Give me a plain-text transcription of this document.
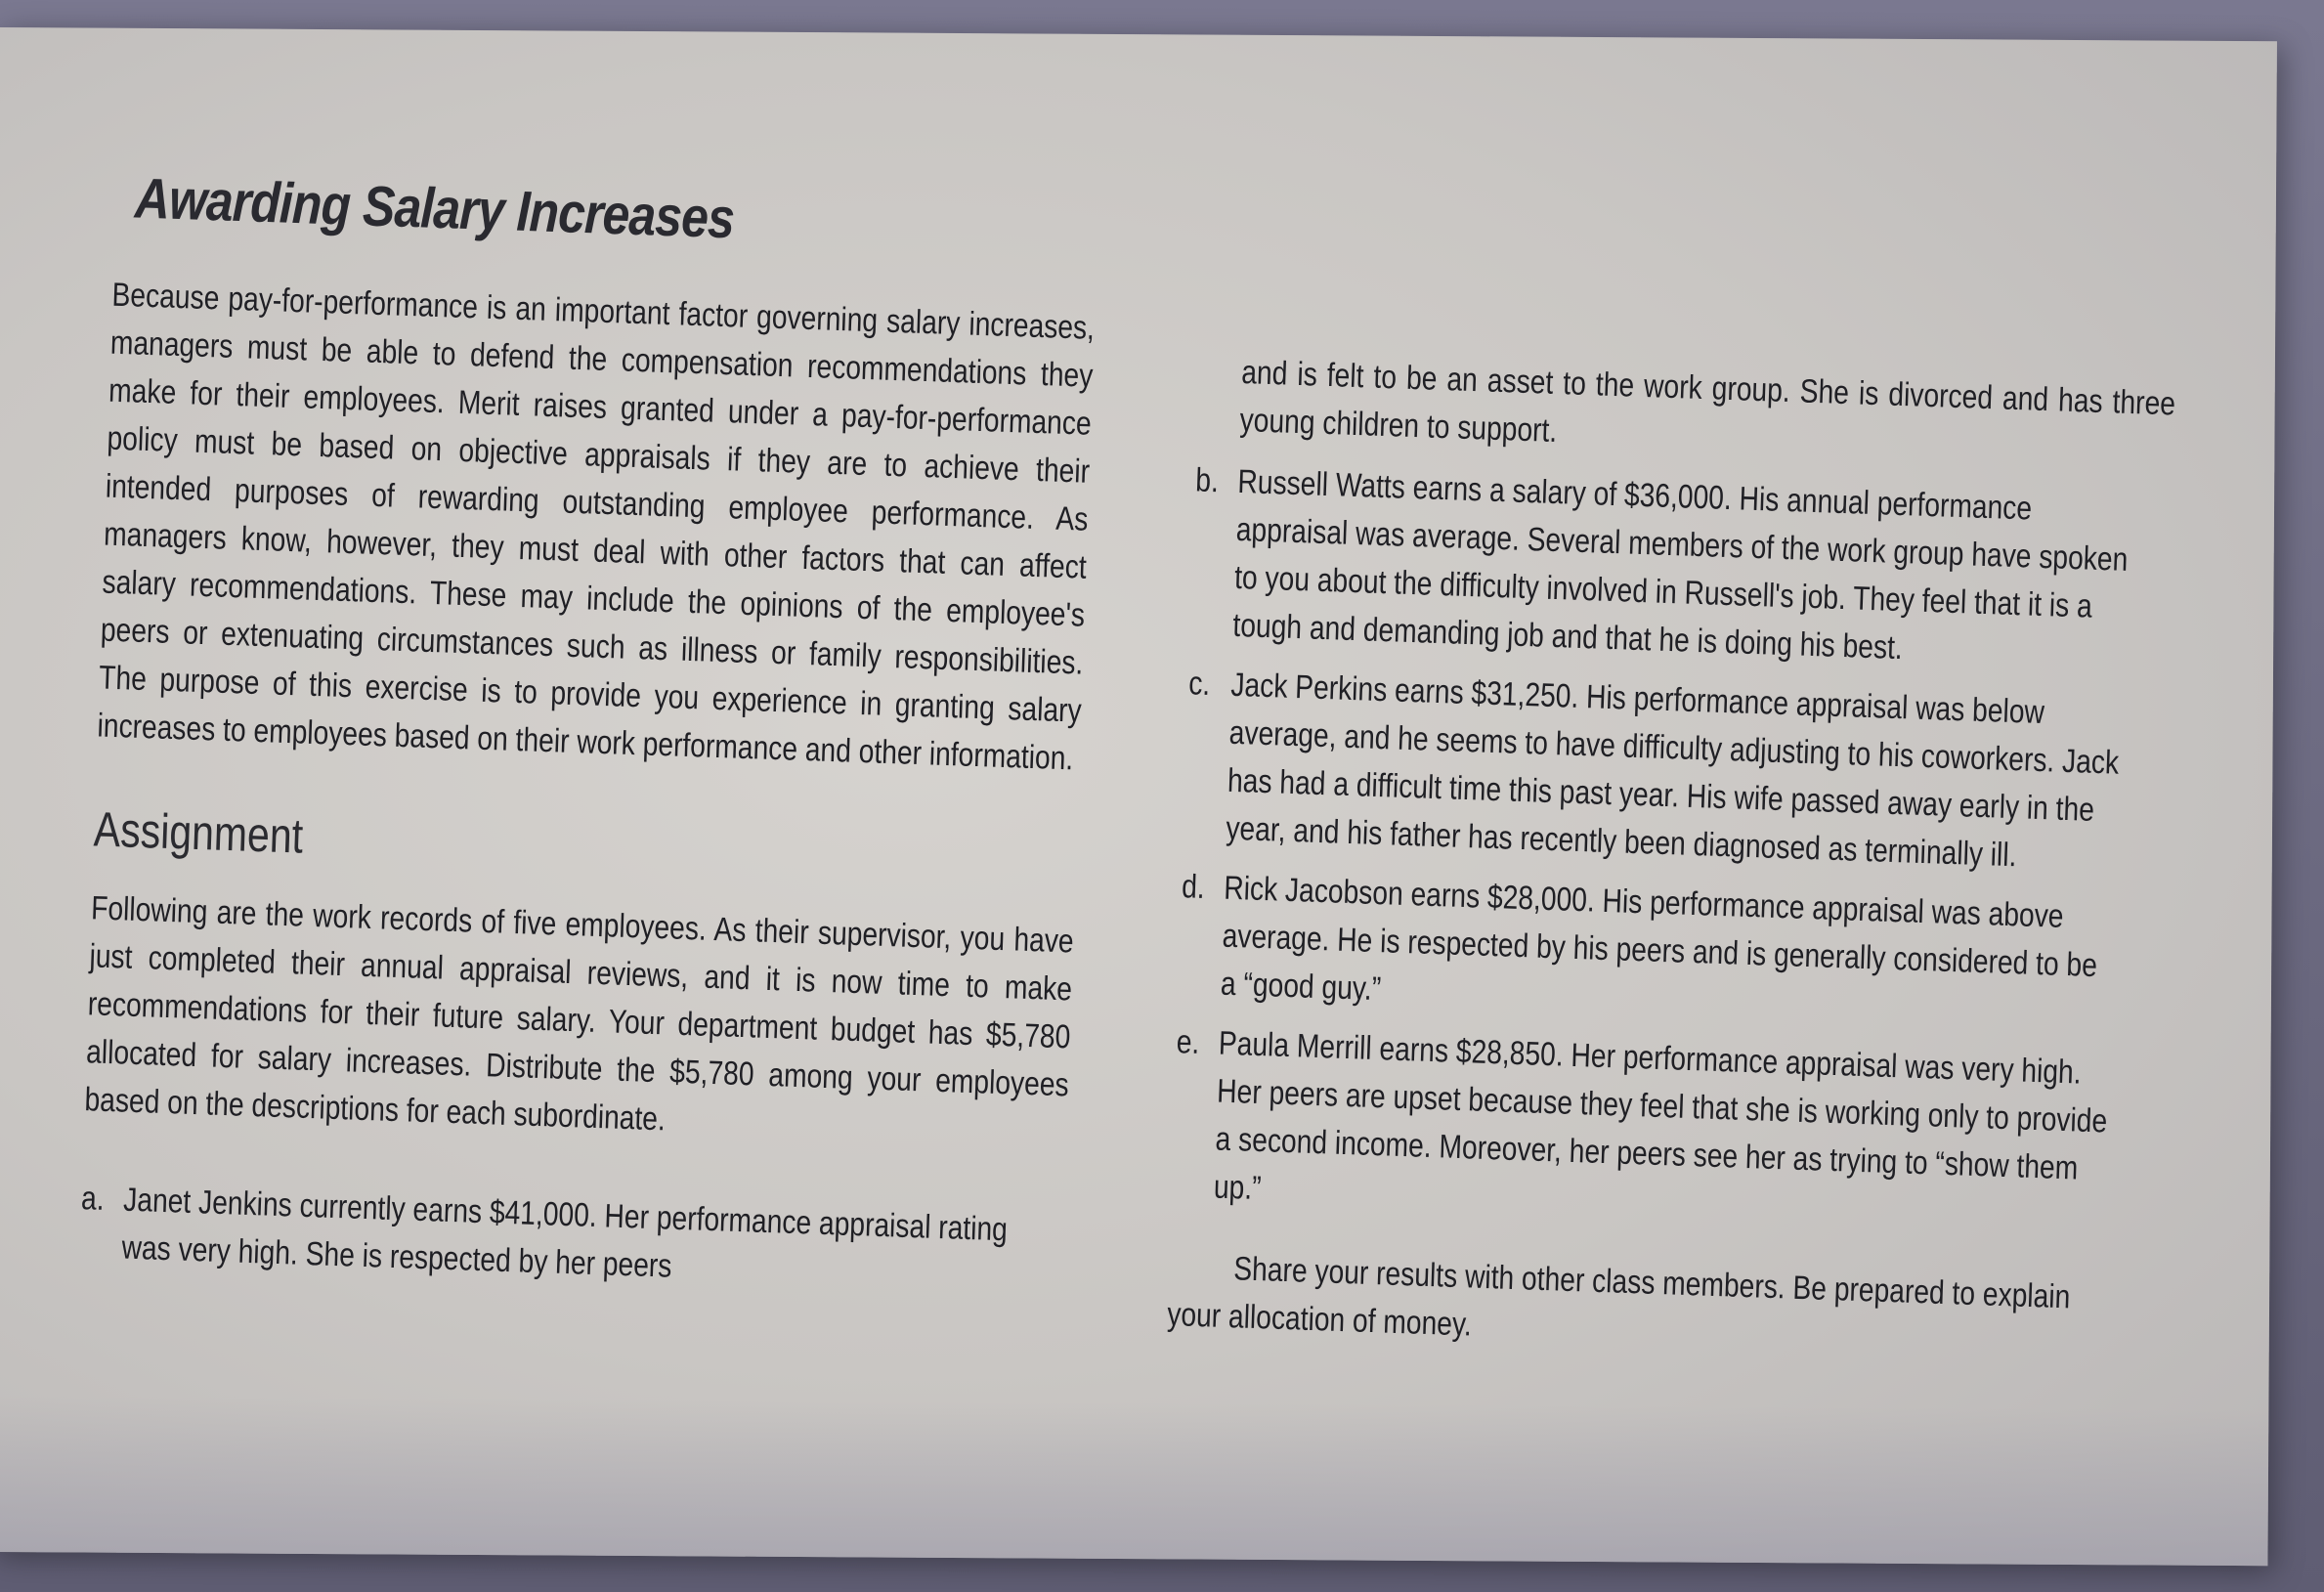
Awarding Salary Increases

Because pay-for-performance is an important factor governing salary increases, managers must be able to defend the compensation recommendations they make for their employees. Merit raises granted under a pay-for-performance policy must be based on objective appraisals if they are to achieve their intended purposes of rewarding outstanding employee performance. As managers know, however, they must deal with other factors that can affect salary recommendations. These may include the opinions of the employee's peers or extenuating circumstances such as illness or family responsibilities. The purpose of this exercise is to provide you experience in granting salary increases to employees based on their work performance and other information.

Assignment

Following are the work records of five employees. As their supervisor, you have just completed their annual appraisal reviews, and it is now time to make recommendations for their future salary. Your department budget has $5,780 allocated for salary increases. Distribute the $5,780 among your employees based on the descriptions for each subordinate.

a. Janet Jenkins currently earns $41,000. Her performance appraisal rating was very high. She is respected by her peers

and is felt to be an asset to the work group. She is divorced and has three young children to support.

b. Russell Watts earns a salary of $36,000. His annual performance appraisal was average. Several members of the work group have spoken to you about the difficulty involved in Russell's job. They feel that it is a tough and demanding job and that he is doing his best.
c. Jack Perkins earns $31,250. His performance appraisal was below average, and he seems to have difficulty adjusting to his coworkers. Jack has had a difficult time this past year. His wife passed away early in the year, and his father has recently been diagnosed as terminally ill.
d. Rick Jacobson earns $28,000. His performance appraisal was above average. He is respected by his peers and is generally considered to be a “good guy.”
e. Paula Merrill earns $28,850. Her performance appraisal was very high. Her peers are upset because they feel that she is working only to provide a second income. Moreover, her peers see her as trying to “show them up.”

Share your results with other class members. Be prepared to explain your allocation of money.
